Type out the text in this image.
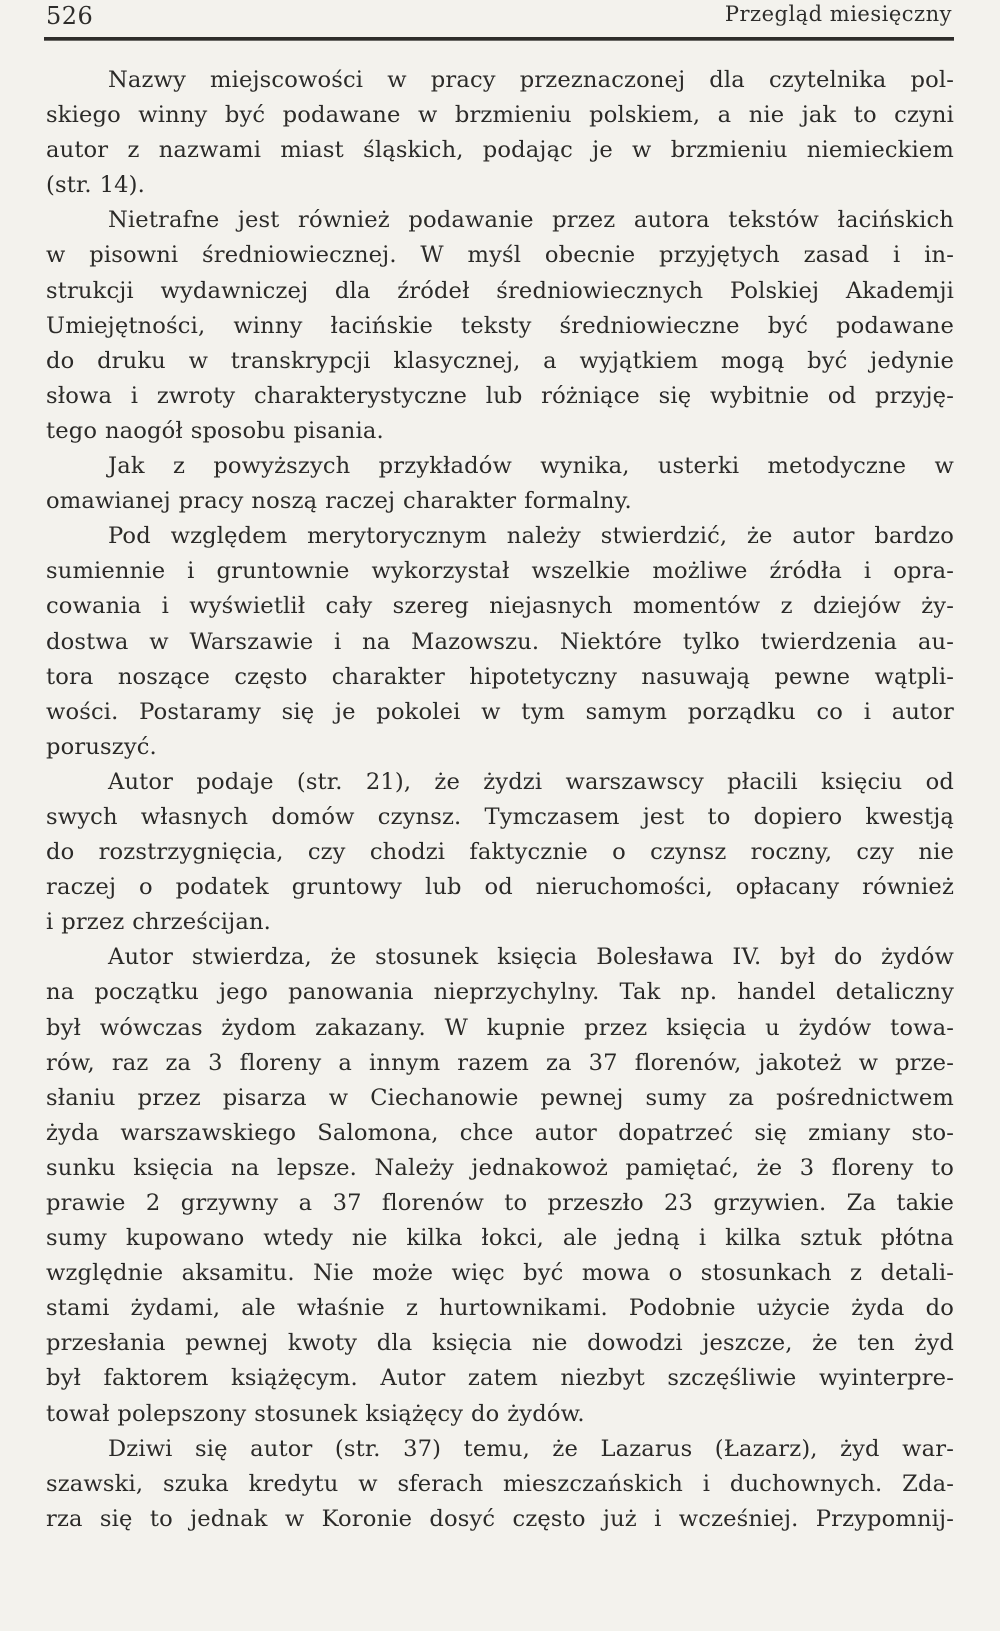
526	Przegląd miesięczny

Nazwy miejscowości w pracy przeznaczonej dla czytelnika pol-
skiego winny być podawane w brzmieniu polskiem, a nie jak to czyni
autor z nazwami miast śląskich, podając je w brzmieniu niemieckiem
(str. 14).

Nietrafne jest również podawanie przez autora tekstów łacińskich
w pisowni średniowiecznej. W myśl obecnie przyjętych zasad i in-
strukcji wydawniczej dla źródeł średniowiecznych Polskiej Akademji
Umiejętności, winny łacińskie teksty średniowieczne być podawane
do druku w transkrypcji klasycznej, a wyjątkiem mogą być jedynie
słowa i zwroty charakterystyczne lub różniące się wybitnie od przyję-
tego naogół sposobu pisania.

Jak z powyższych przykładów wynika, usterki metodyczne w
omawianej pracy noszą raczej charakter formalny.

Pod względem merytorycznym należy stwierdzić, że autor bardzo
sumiennie i gruntownie wykorzystał wszelkie możliwe źródła i opra-
cowania i wyświetlił cały szereg niejasnych momentów z dziejów ży-
dostwa w Warszawie i na Mazowszu. Niektóre tylko twierdzenia au-
tora noszące często charakter hipotetyczny nasuwają pewne wątpli-
wości. Postaramy się je pokolei w tym samym porządku co i autor
poruszyć.

Autor podaje (str. 21), że żydzi warszawscy płacili księciu od
swych własnych domów czynsz. Tymczasem jest to dopiero kwestją
do rozstrzygnięcia, czy chodzi faktycznie o czynsz roczny, czy nie
raczej o podatek gruntowy lub od nieruchomości, opłacany również
i przez chrześcijan.

Autor stwierdza, że stosunek księcia Bolesława IV. był do żydów
na początku jego panowania nieprzychylny. Tak np. handel detaliczny
był wówczas żydom zakazany. W kupnie przez księcia u żydów towa-
rów, raz za 3 floreny a innym razem za 37 florenów, jakoteż w prze-
słaniu przez pisarza w Ciechanowie pewnej sumy za pośrednictwem
żyda warszawskiego Salomona, chce autor dopatrzeć się zmiany sto-
sunku księcia na lepsze. Należy jednakowoż pamiętać, że 3 floreny to
prawie 2 grzywny a 37 florenów to przeszło 23 grzywien. Za takie
sumy kupowano wtedy nie kilka łokci, ale jedną i kilka sztuk płótna
względnie aksamitu. Nie może więc być mowa o stosunkach z detali-
stami żydami, ale właśnie z hurtownikami. Podobnie użycie żyda do
przesłania pewnej kwoty dla księcia nie dowodzi jeszcze, że ten żyd
był faktorem książęcym. Autor zatem niezbyt szczęśliwie wyinterpre-
tował polepszony stosunek książęcy do żydów.

Dziwi się autor (str. 37) temu, że Lazarus (Łazarz), żyd war-
szawski, szuka kredytu w sferach mieszczańskich i duchownych. Zda-
rza się to jednak w Koronie dosyć często już i wcześniej. Przypomnij-
